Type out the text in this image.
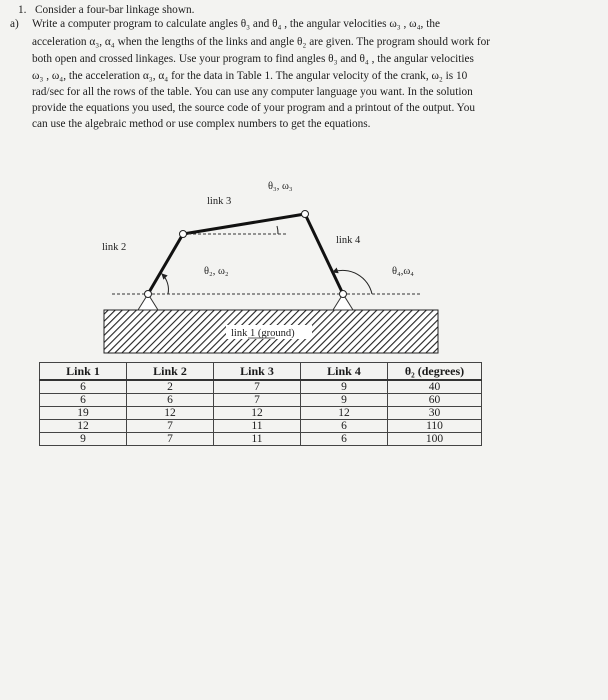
1. Consider a four-bar linkage shown.
a) Write a computer program to calculate angles θ₃ and θ₄ , the angular velocities ω₃ , ω₄, the
acceleration α₃, α₄ when the lengths of the links and angle θ₂ are given. The program should work for
both open and crossed linkages. Use your program to find angles θ₃ and θ₄ , the angular velocities
ω₃ , ω₄, the acceleration α₃, α₄ for the data in Table 1. The angular velocity of the crank, ω₂ is 10
rad/sec for all the rows of the table. You can use any computer language you want. In the solution
provide the equations you used, the source code of your program and a printout of the output. You
can use the algebraic method or use complex numbers to get the equations.
θ₃, ω₃
link 3
link 4
link 2
θ₂, ω₂	θ₄,ω₄
link 1 (ground)
Link 1	Link 2	Link 3	Link 4	θ₂ (degrees)
6	2	7	9	40
6	6	7	9	60
19	12	12	12	30
12	7	11	6	110
9	7	11	6	100
